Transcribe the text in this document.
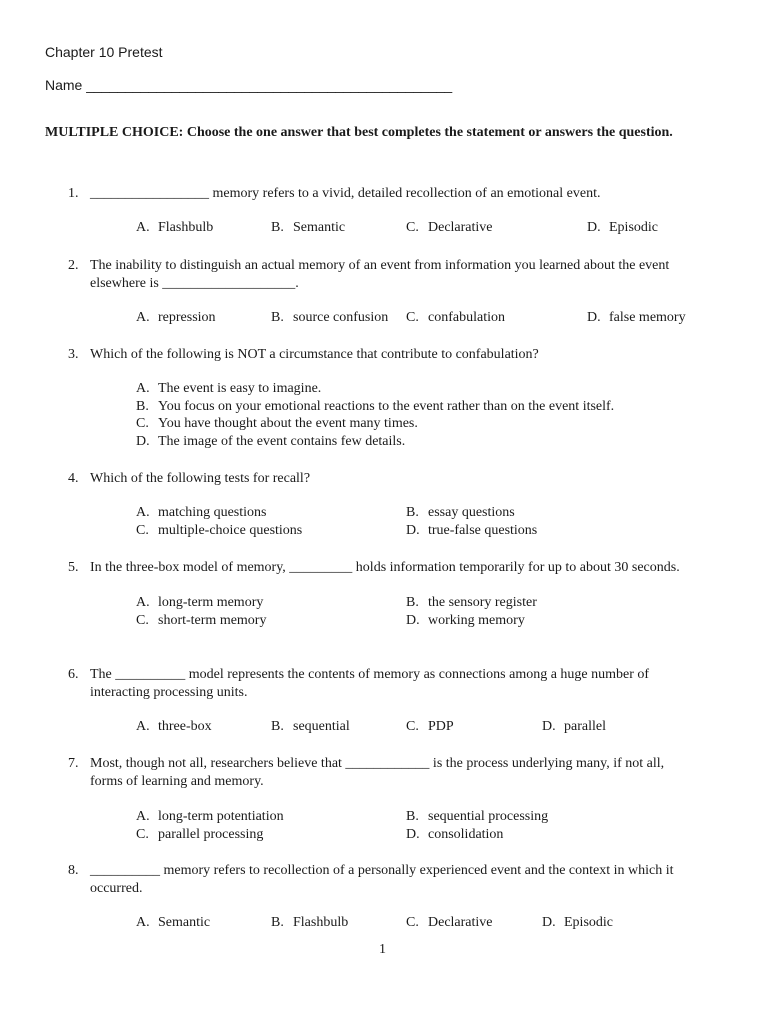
Chapter 10 Pretest
Name _______________________________________________
MULTIPLE CHOICE: Choose the one answer that best completes the statement or answers the question.
1. _________________ memory refers to a vivid, detailed recollection of an emotional event.
A. Flashbulb	B. Semantic	C. Declarative	D. Episodic
2. The inability to distinguish an actual memory of an event from information you learned about the event
elsewhere is ___________________.
A. repression	B. source confusion C. confabulation	D. false memory
3. Which of the following is NOT a circumstance that contribute to confabulation?
A. The event is easy to imagine.
B. You focus on your emotional reactions to the event rather than on the event itself.
C. You have thought about the event many times.
D. The image of the event contains few details.
4. Which of the following tests for recall?
A. matching questions	B. essay questions
C. multiple-choice questions	D. true-false questions
5. In the three-box model of memory, _________ holds information temporarily for up to about 30 seconds.
A. long-term memory	B. the sensory register
C. short-term memory	D. working memory
6. The __________ model represents the contents of memory as connections among a huge number of
interacting processing units.
A. three-box	B. sequential	C. PDP	D. parallel
7. Most, though not all, researchers believe that ____________ is the process underlying many, if not all,
forms of learning and memory.
A. long-term potentiation	B. sequential processing
C. parallel processing	D. consolidation
8. __________ memory refers to recollection of a personally experienced event and the context in which it
occurred.
A. Semantic	B. Flashbulb	C. Declarative	D. Episodic
1
